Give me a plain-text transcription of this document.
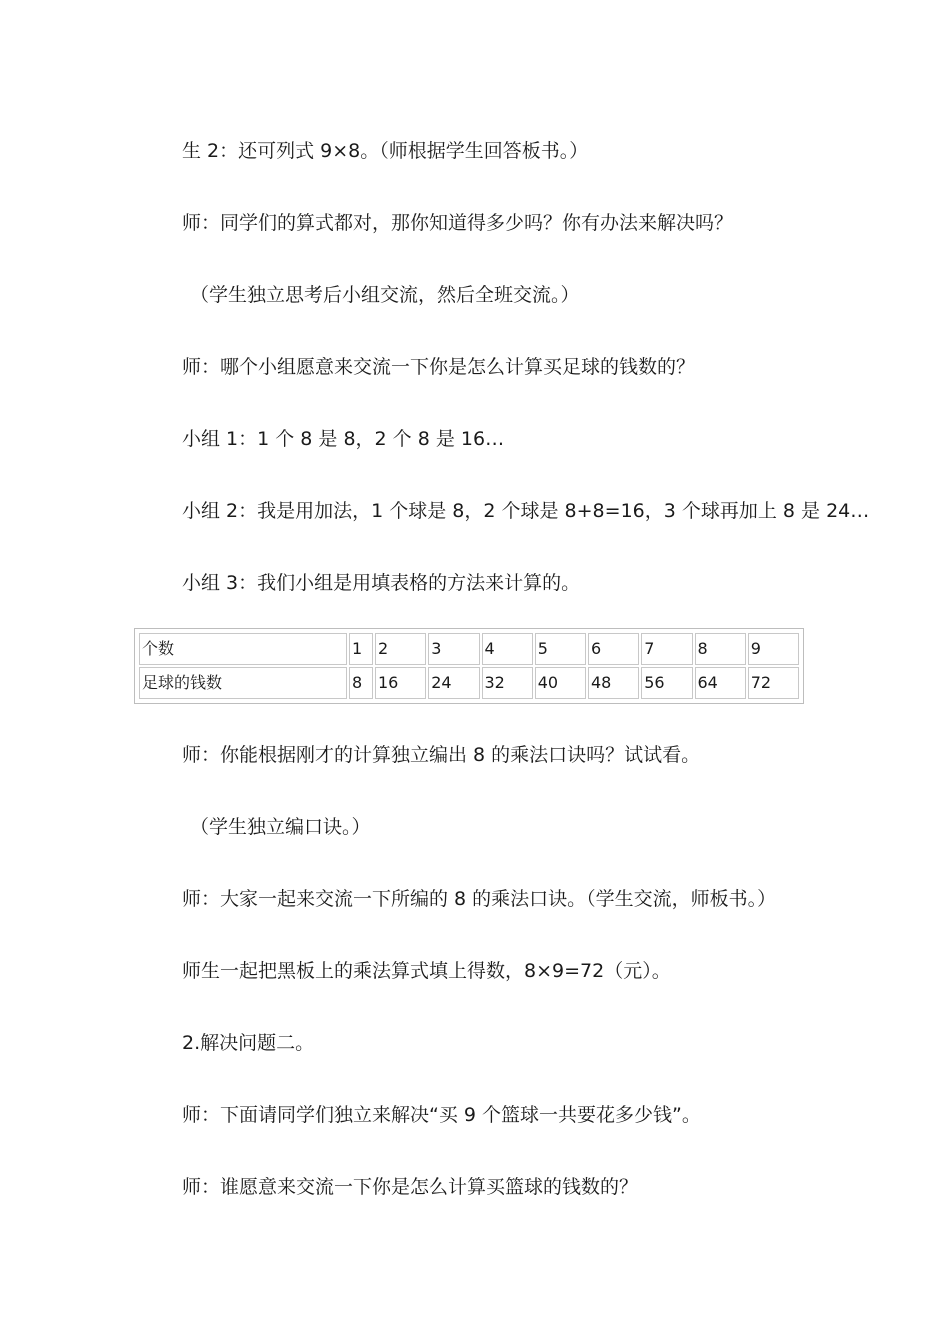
生 2：还可列式 9×8。（师根据学生回答板书。）

师：同学们的算式都对，那你知道得多少吗？你有办法来解决吗？

（学生独立思考后小组交流，然后全班交流。）

师：哪个小组愿意来交流一下你是怎么计算买足球的钱数的？

小组 1：1 个 8 是 8，2 个 8 是 16…

小组 2：我是用加法，1 个球是 8，2 个球是 8+8=16，3 个球再加上 8 是 24…

小组 3：我们小组是用填表格的方法来计算的。

个数	1	2	3	4	5	6	7	8	9
足球的钱数	8	16	24	32	40	48	56	64	72

师：你能根据刚才的计算独立编出 8 的乘法口诀吗？试试看。

（学生独立编口诀。）

师：大家一起来交流一下所编的 8 的乘法口诀。（学生交流，师板书。）

师生一起把黑板上的乘法算式填上得数，8×9=72（元）。

2.解决问题二。

师：下面请同学们独立来解决“买 9 个篮球一共要花多少钱”。

师：谁愿意来交流一下你是怎么计算买篮球的钱数的？
